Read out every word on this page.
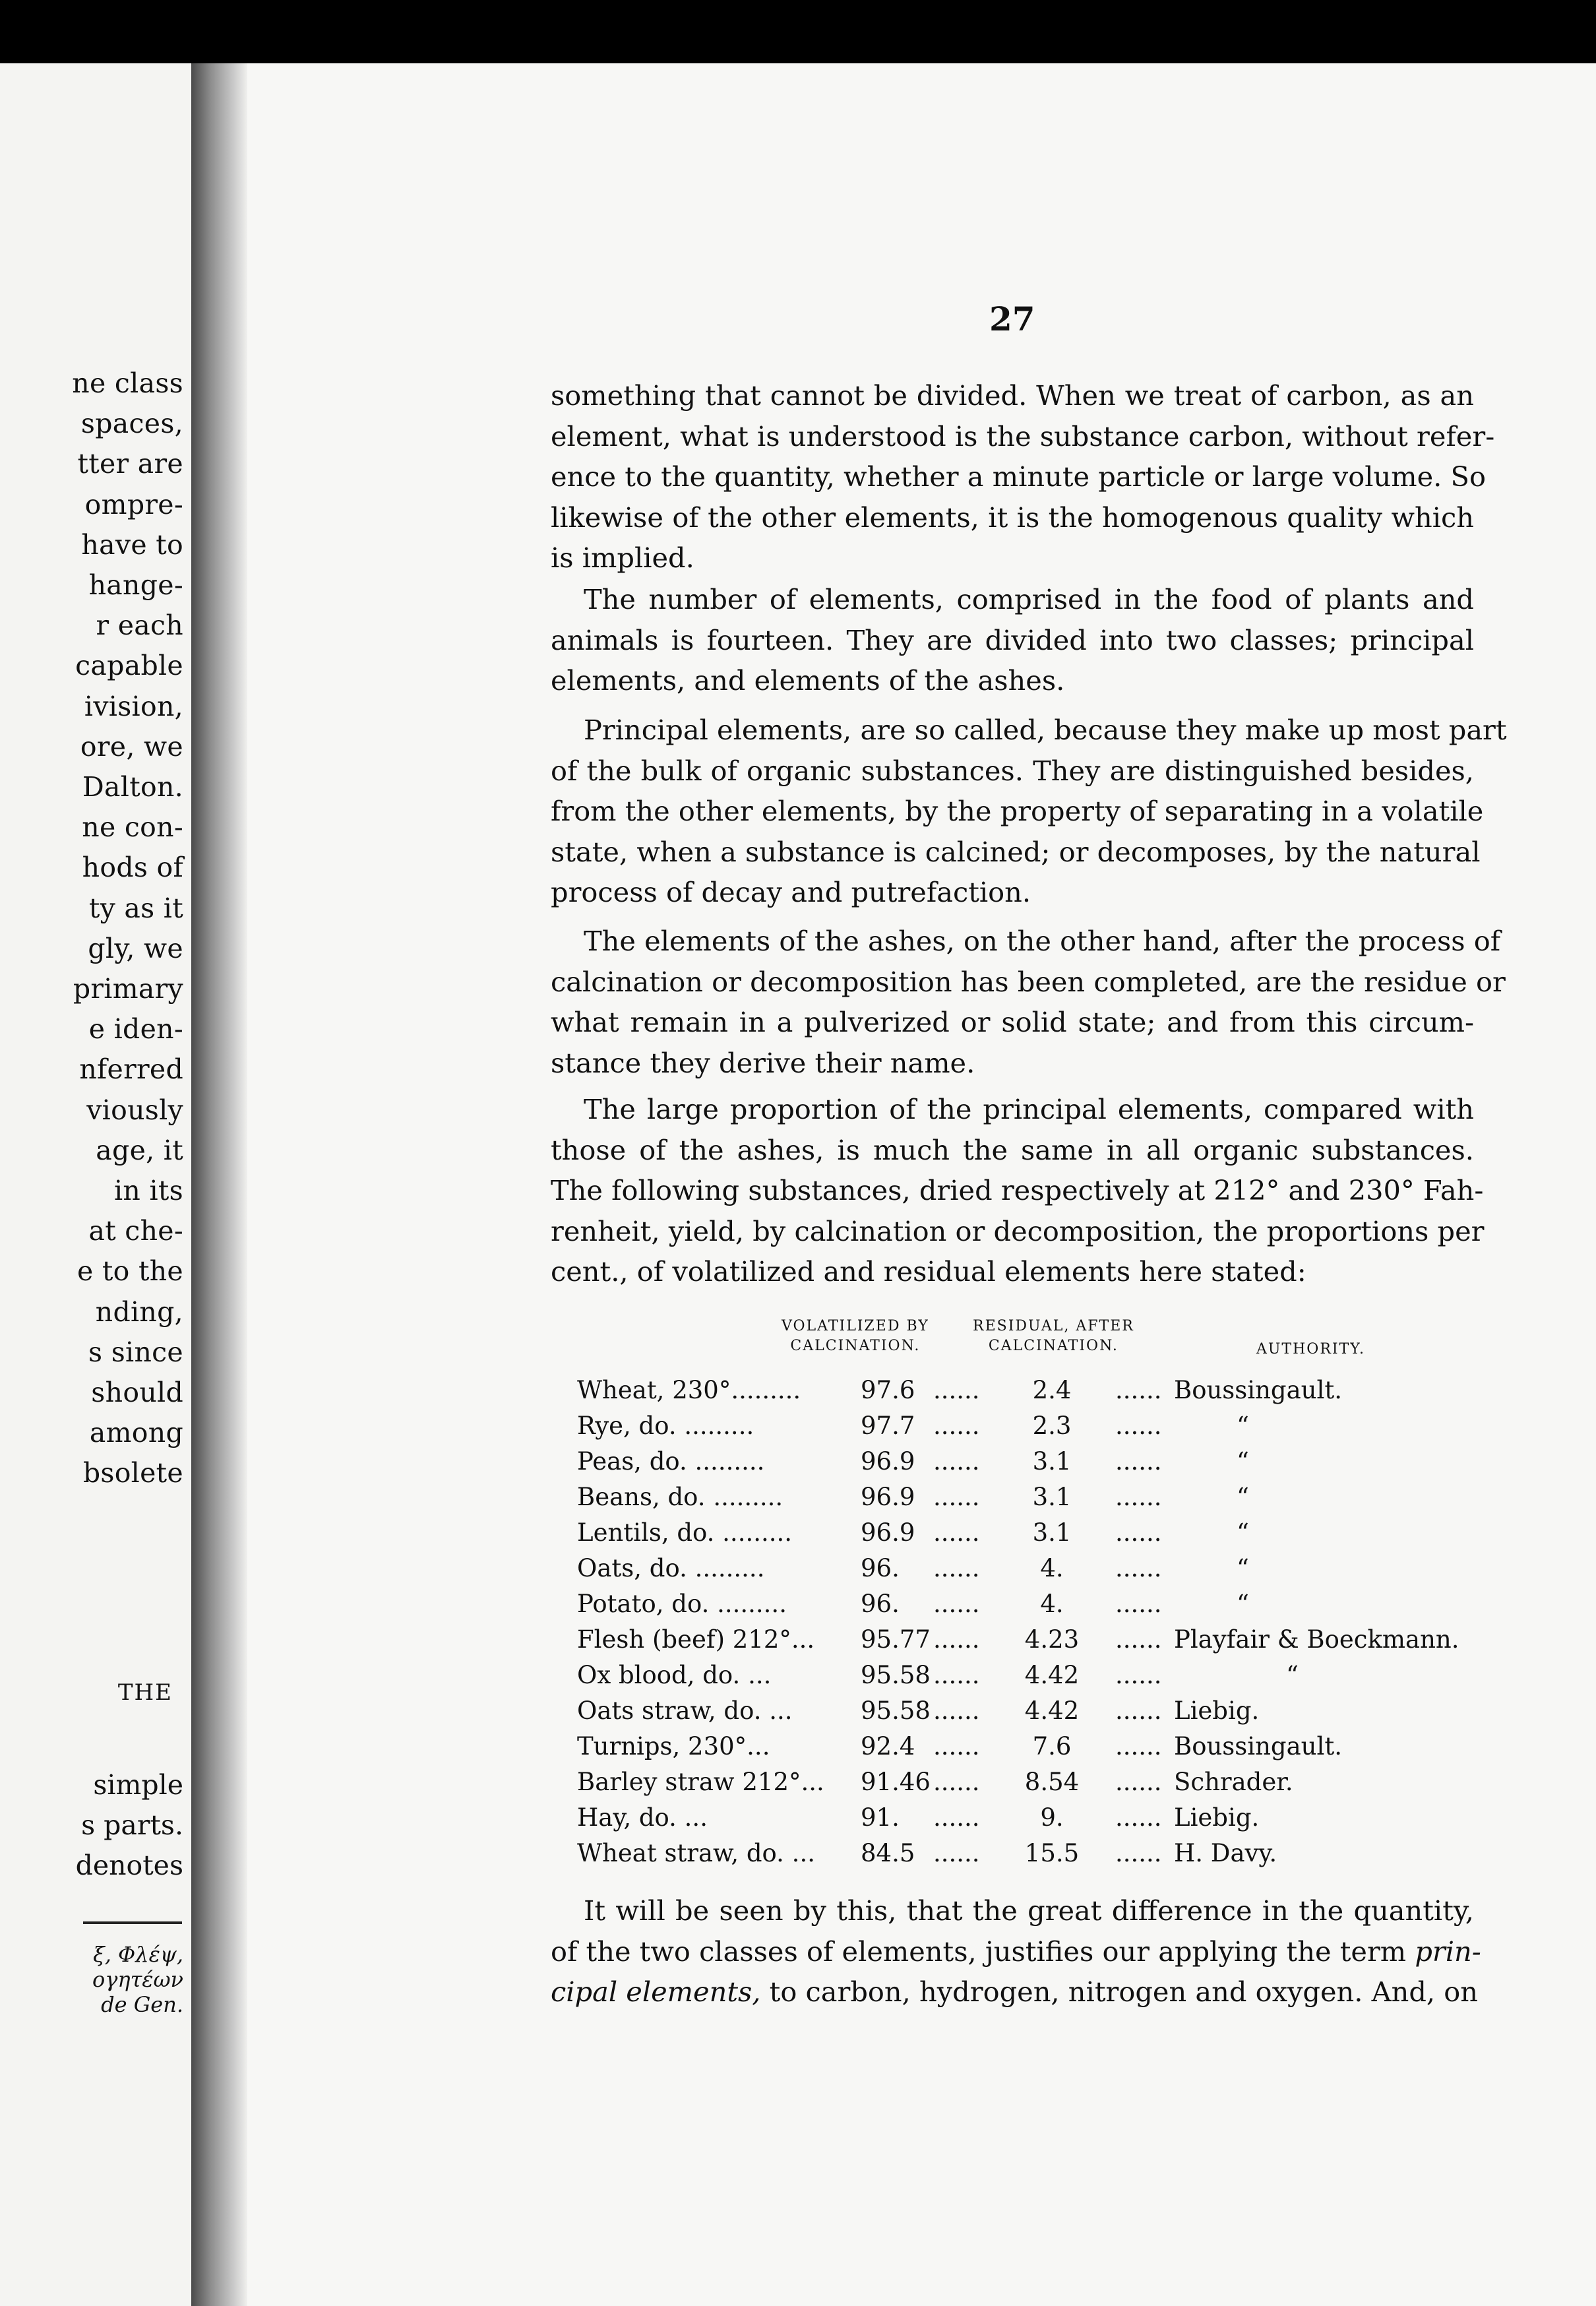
ne class
spaces,
tter are
ompre-
have to
hange-
r each
capable
ivision,
ore, we
Dalton.
ne con-
hods of
ty as it
gly, we
primary
e iden-
nferred
viously
age, it
in its
at che-
e to the
nding,
s since
should
among
bsolete
THE
simple
s parts.
denotes
ξ, Φλέψ,
ογητέων
de Gen.
27

something that cannot be divided. When we treat of carbon, as an
element, what is understood is the substance carbon, without refer-
ence to the quantity, whether a minute particle or large volume. So
likewise of the other elements, it is the homogenous quality which
is implied.

The number of elements, comprised in the food of plants and
animals is fourteen. They are divided into two classes; principal
elements, and elements of the ashes.

Principal elements, are so called, because they make up most part
of the bulk of organic substances. They are distinguished besides,
from the other elements, by the property of separating in a volatile
state, when a substance is calcined; or decomposes, by the natural
process of decay and putrefaction.

The elements of the ashes, on the other hand, after the process of
calcination or decomposition has been completed, are the residue or
what remain in a pulverized or solid state; and from this circum-
stance they derive their name.

The large proportion of the principal elements, compared with
those of the ashes, is much the same in all organic substances.
The following substances, dried respectively at 212° and 230° Fah-
renheit, yield, by calcination or decomposition, the proportions per
cent., of volatilized and residual elements here stated:

VOLATILIZED BY
CALCINATION.
RESIDUAL, AFTER
CALCINATION.	AUTHORITY.
Wheat, 230°......... 97.6 ......	2.4	...... Boussingault.
Rye, do. .........	97.7 ......	2.3	......	“
Peas, do. .........	96.9 ......	3.1	......	“
Beans, do. .........	96.9 ......	3.1	......	“
Lentils, do. .........	96.9 ......	3.1	......	“
Oats, do. .........	96. ......	4.	......	“
Potato, do. .........	96. ......	4.	......	“
Flesh (beef) 212°... 95.77 ......	4.23	...... Playfair & Boeckmann.
Ox blood, do. ...	95.58 ......	4.42	......	“
Oats straw, do. ...	95.58 ......	4.42	...... Liebig.
Turnips, 230°...	92.4 ......	7.6	...... Boussingault.
Barley straw 212°... 91.46 ......	8.54	...... Schrader.
Hay, do. ...	91. ......	9.	...... Liebig.
Wheat straw, do. ... 84.5 ......	15.5	...... H. Davy.

It will be seen by this, that the great difference in the quantity,
of the two classes of elements, justifies our applying the term prin-
cipal elements, to carbon, hydrogen, nitrogen and oxygen. And, on
